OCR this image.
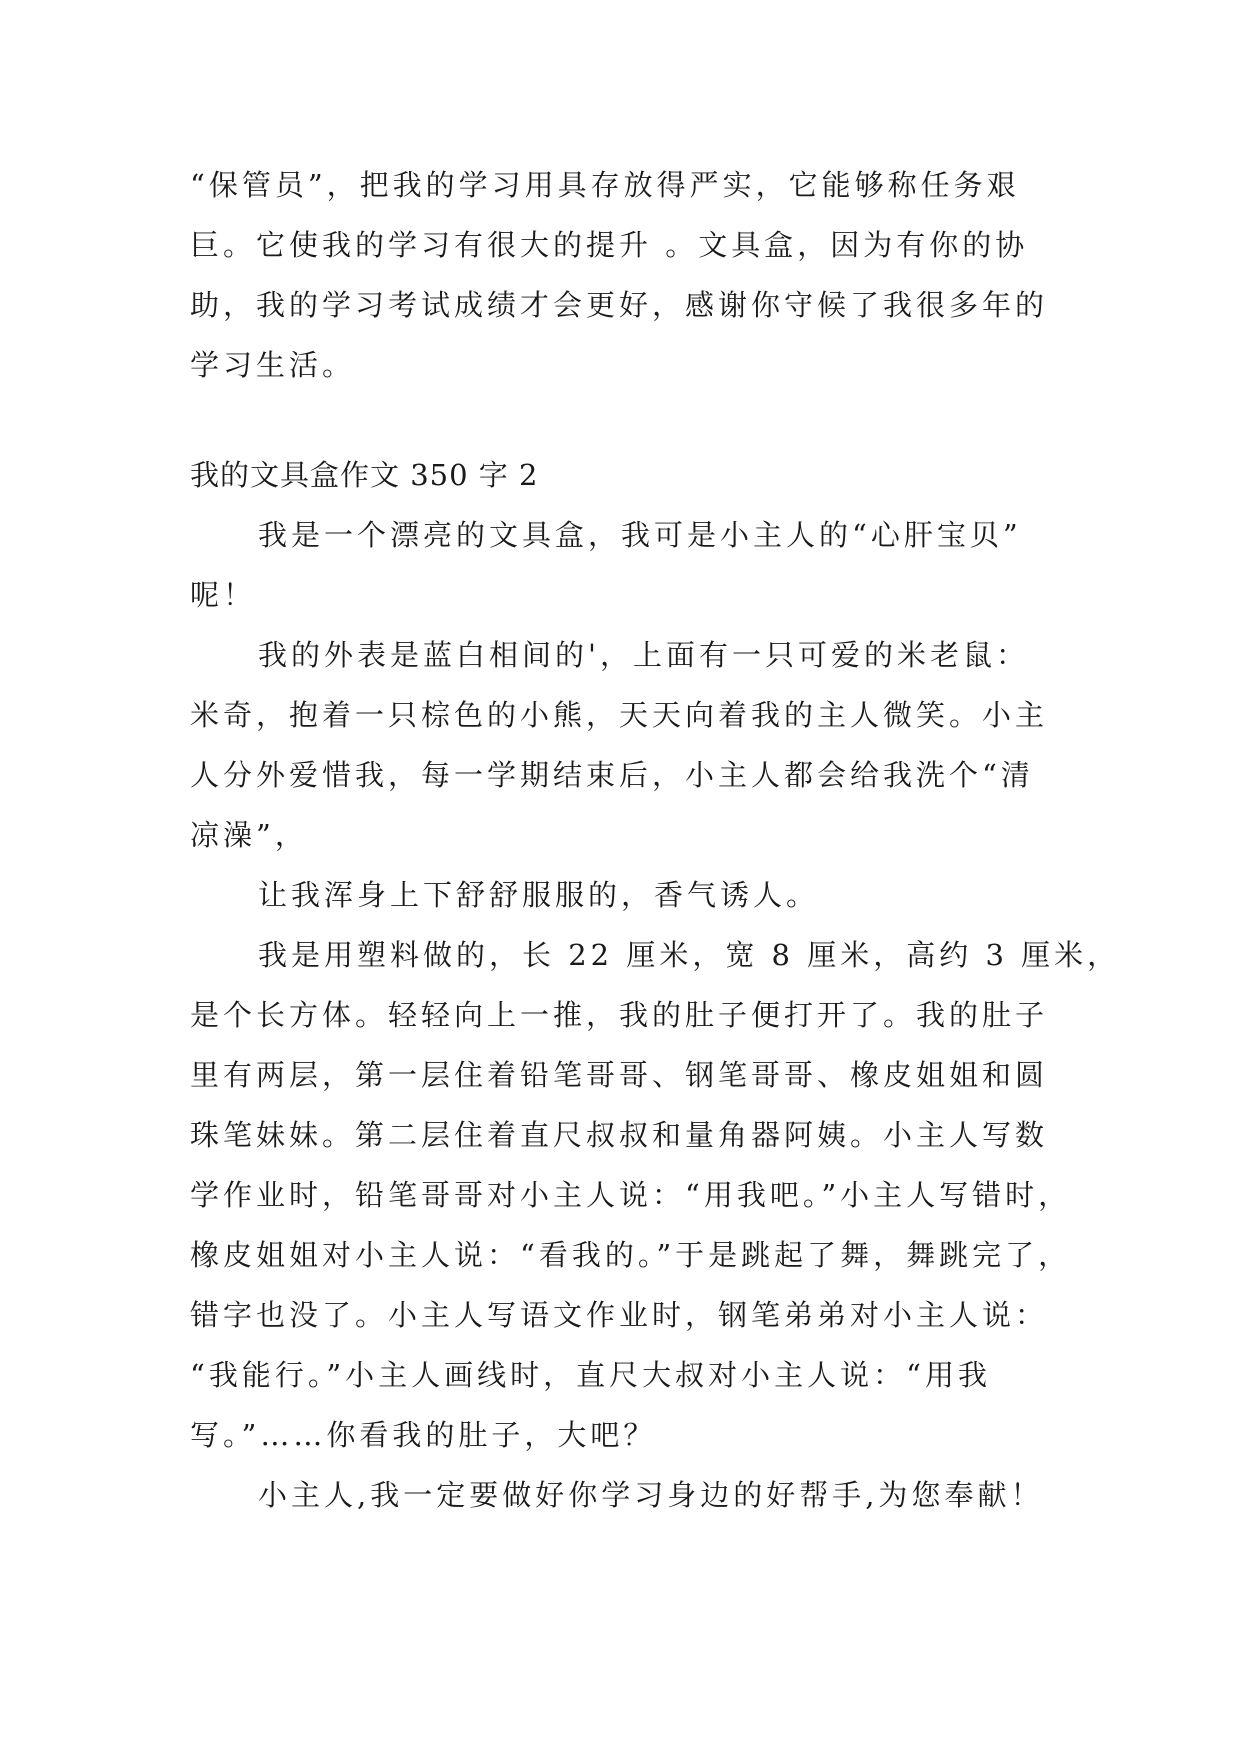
“保管员”，把我的学习用具存放得严实，它能够称任务艰
巨。它使我的学习有很大的提升 。文具盒，因为有你的协
助，我的学习考试成绩才会更好，感谢你守候了我很多年的
学习生活。
我的文具盒作文 350 字 2
我是一个漂亮的文具盒，我可是小主人的“心肝宝贝”
呢！
我的外表是蓝白相间的'，上面有一只可爱的米老鼠：
米奇，抱着一只棕色的小熊，天天向着我的主人微笑。小主
人分外爱惜我，每一学期结束后，小主人都会给我洗个“清
凉澡”，
让我浑身上下舒舒服服的，香气诱人。
我是用塑料做的，长 22 厘米，宽 8 厘米，高约 3 厘米，
是个长方体。轻轻向上一推，我的肚子便打开了。我的肚子
里有两层，第一层住着铅笔哥哥、钢笔哥哥、橡皮姐姐和圆
珠笔妹妹。第二层住着直尺叔叔和量角器阿姨。小主人写数
学作业时，铅笔哥哥对小主人说：“用我吧。”小主人写错时，
橡皮姐姐对小主人说：“看我的。”于是跳起了舞，舞跳完了，
错字也没了。小主人写语文作业时，钢笔弟弟对小主人说：
“我能行。”小主人画线时，直尺大叔对小主人说：“用我
写。”……你看我的肚子，大吧？
小主人,我一定要做好你学习身边的好帮手,为您奉献！
